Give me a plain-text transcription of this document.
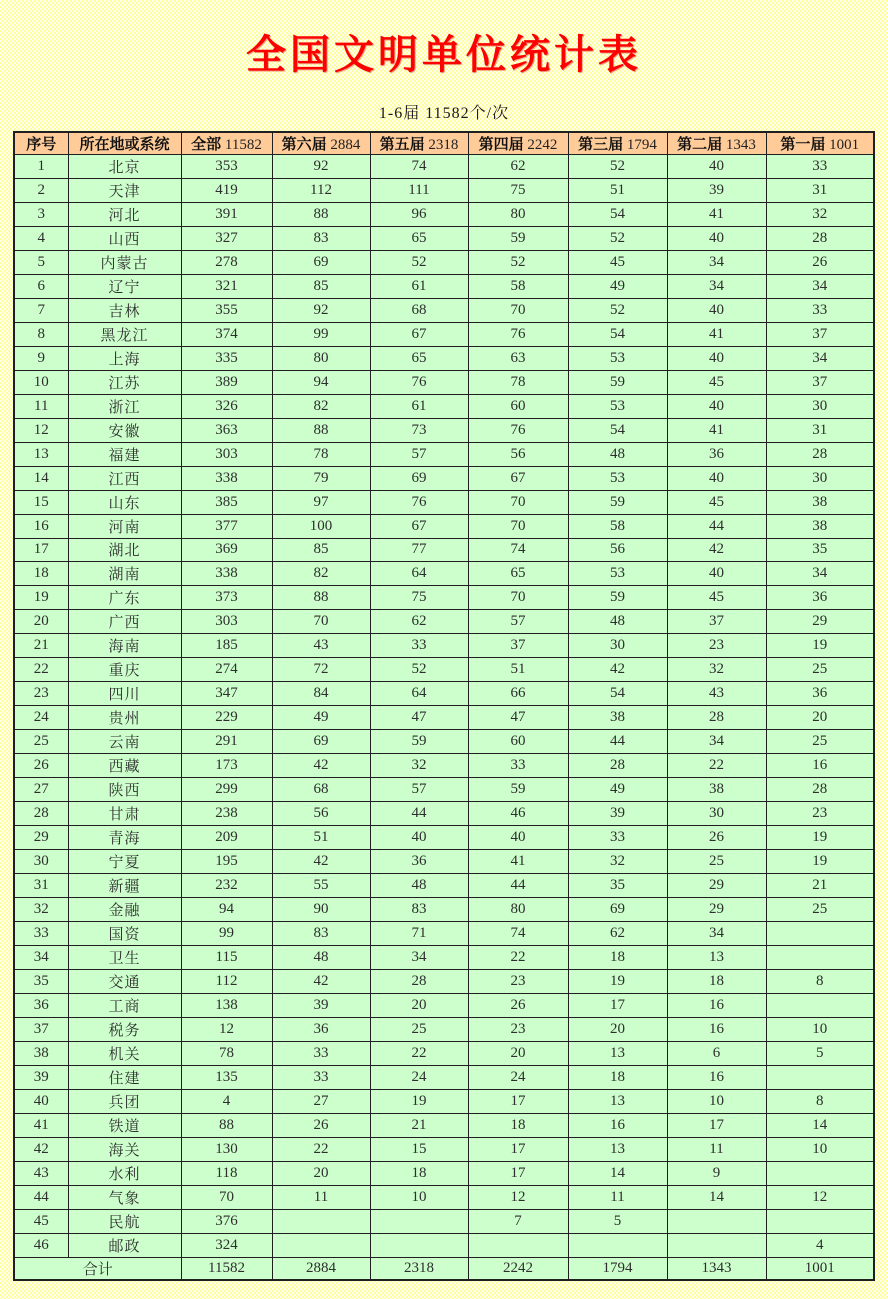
全国文明单位统计表
1-6届 11582个/次
序号	所在地或系统	全部 11582	第六届 2884	第五届 2318	第四届 2242	第三届 1794	第二届 1343	第一届 1001
1	北京	353	92	74	62	52	40	33
2	天津	419	112	111	75	51	39	31
3	河北	391	88	96	80	54	41	32
4	山西	327	83	65	59	52	40	28
5	内蒙古	278	69	52	52	45	34	26
6	辽宁	321	85	61	58	49	34	34
7	吉林	355	92	68	70	52	40	33
8	黑龙江	374	99	67	76	54	41	37
9	上海	335	80	65	63	53	40	34
10	江苏	389	94	76	78	59	45	37
11	浙江	326	82	61	60	53	40	30
12	安徽	363	88	73	76	54	41	31
13	福建	303	78	57	56	48	36	28
14	江西	338	79	69	67	53	40	30
15	山东	385	97	76	70	59	45	38
16	河南	377	100	67	70	58	44	38
17	湖北	369	85	77	74	56	42	35
18	湖南	338	82	64	65	53	40	34
19	广东	373	88	75	70	59	45	36
20	广西	303	70	62	57	48	37	29
21	海南	185	43	33	37	30	23	19
22	重庆	274	72	52	51	42	32	25
23	四川	347	84	64	66	54	43	36
24	贵州	229	49	47	47	38	28	20
25	云南	291	69	59	60	44	34	25
26	西藏	173	42	32	33	28	22	16
27	陕西	299	68	57	59	49	38	28
28	甘肃	238	56	44	46	39	30	23
29	青海	209	51	40	40	33	26	19
30	宁夏	195	42	36	41	32	25	19
31	新疆	232	55	48	44	35	29	21
32	金融	94	90	83	80	69	29	25
33	国资	99	83	71	74	62	34	
34	卫生	115	48	34	22	18	13	
35	交通	112	42	28	23	19	18	8
36	工商	138	39	20	26	17	16	
37	税务	12	36	25	23	20	16	10
38	机关	78	33	22	20	13	6	5
39	住建	135	33	24	24	18	16	
40	兵团	4	27	19	17	13	10	8
41	铁道	88	26	21	18	16	17	14
42	海关	130	22	15	17	13	11	10
43	水利	118	20	18	17	14	9	
44	气象	70	11	10	12	11	14	12
45	民航	376			7	5		
46	邮政	324						4
合计		11582	2884	2318	2242	1794	1343	1001
